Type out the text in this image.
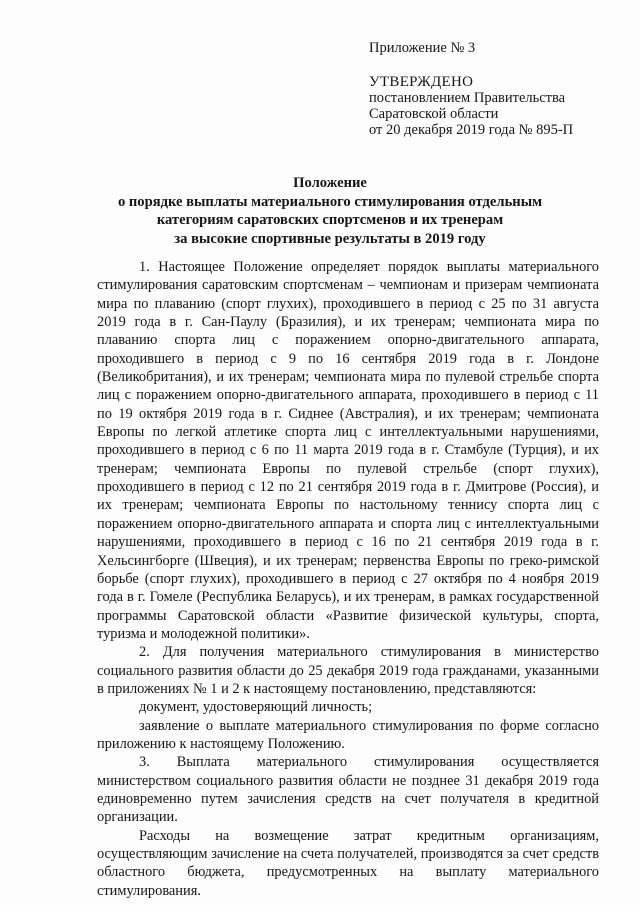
Приложение № 3
УТВЕРЖДЕНО
постановлением Правительства
Саратовской области
от 20 декабря 2019 года № 895-П
Положение
о порядке выплаты материального стимулирования отдельным
категориям саратовских спортсменов и их тренерам
за высокие спортивные результаты в 2019 году

1. Настоящее Положение определяет порядок выплаты материального стимулирования саратовским спортсменам – чемпионам и призерам чемпионата мира по плаванию (спорт глухих), проходившего в период с 25 по 31 августа 2019 года в г. Сан-Паулу (Бразилия), и их тренерам; чемпионата мира по плаванию спорта лиц с поражением опорно-двигательного аппарата, проходившего в период с 9 по 16 сентября 2019 года в г. Лондоне (Великобритания), и их тренерам; чемпионата мира по пулевой стрельбе спорта лиц с поражением опорно-двигательного аппарата, проходившего в период с 11 по 19 октября 2019 года в г. Сиднее (Австралия), и их тренерам; чемпионата Европы по легкой атлетике спорта лиц с интеллектуальными нарушениями, проходившего в период с 6 по 11 марта 2019 года в г. Стамбуле (Турция), и их тренерам; чемпионата Европы по пулевой стрельбе (спорт глухих), проходившего в период с 12 по 21 сентября 2019 года в г. Дмитрове (Россия), и их тренерам; чемпионата Европы по настольному теннису спорта лиц с поражением опорно-двигательного аппарата и спорта лиц с интеллектуальными нарушениями, проходившего в период с 16 по 21 сентября 2019 года в г. Хельсингборге (Швеция), и их тренерам; первенства Европы по греко-римской борьбе (спорт глухих), проходившего в период с 27 октября по 4 ноября 2019 года в г. Гомеле (Республика Беларусь), и их тренерам, в рамках государственной программы Саратовской области «Развитие физической культуры, спорта, туризма и молодежной политики».

2. Для получения материального стимулирования в министерство социального развития области до 25 декабря 2019 года гражданами, указанными в приложениях № 1 и 2 к настоящему постановлению, представляются:

документ, удостоверяющий личность;

заявление о выплате материального стимулирования по форме согласно приложению к настоящему Положению.

3. Выплата материального стимулирования осуществляется министерством социального развития области не позднее 31 декабря 2019 года единовременно путем зачисления средств на счет получателя в кредитной организации.

Расходы на возмещение затрат кредитным организациям, осуществляющим зачисление на счета получателей, производятся за счет средств областного бюджета, предусмотренных на выплату материального стимулирования.
